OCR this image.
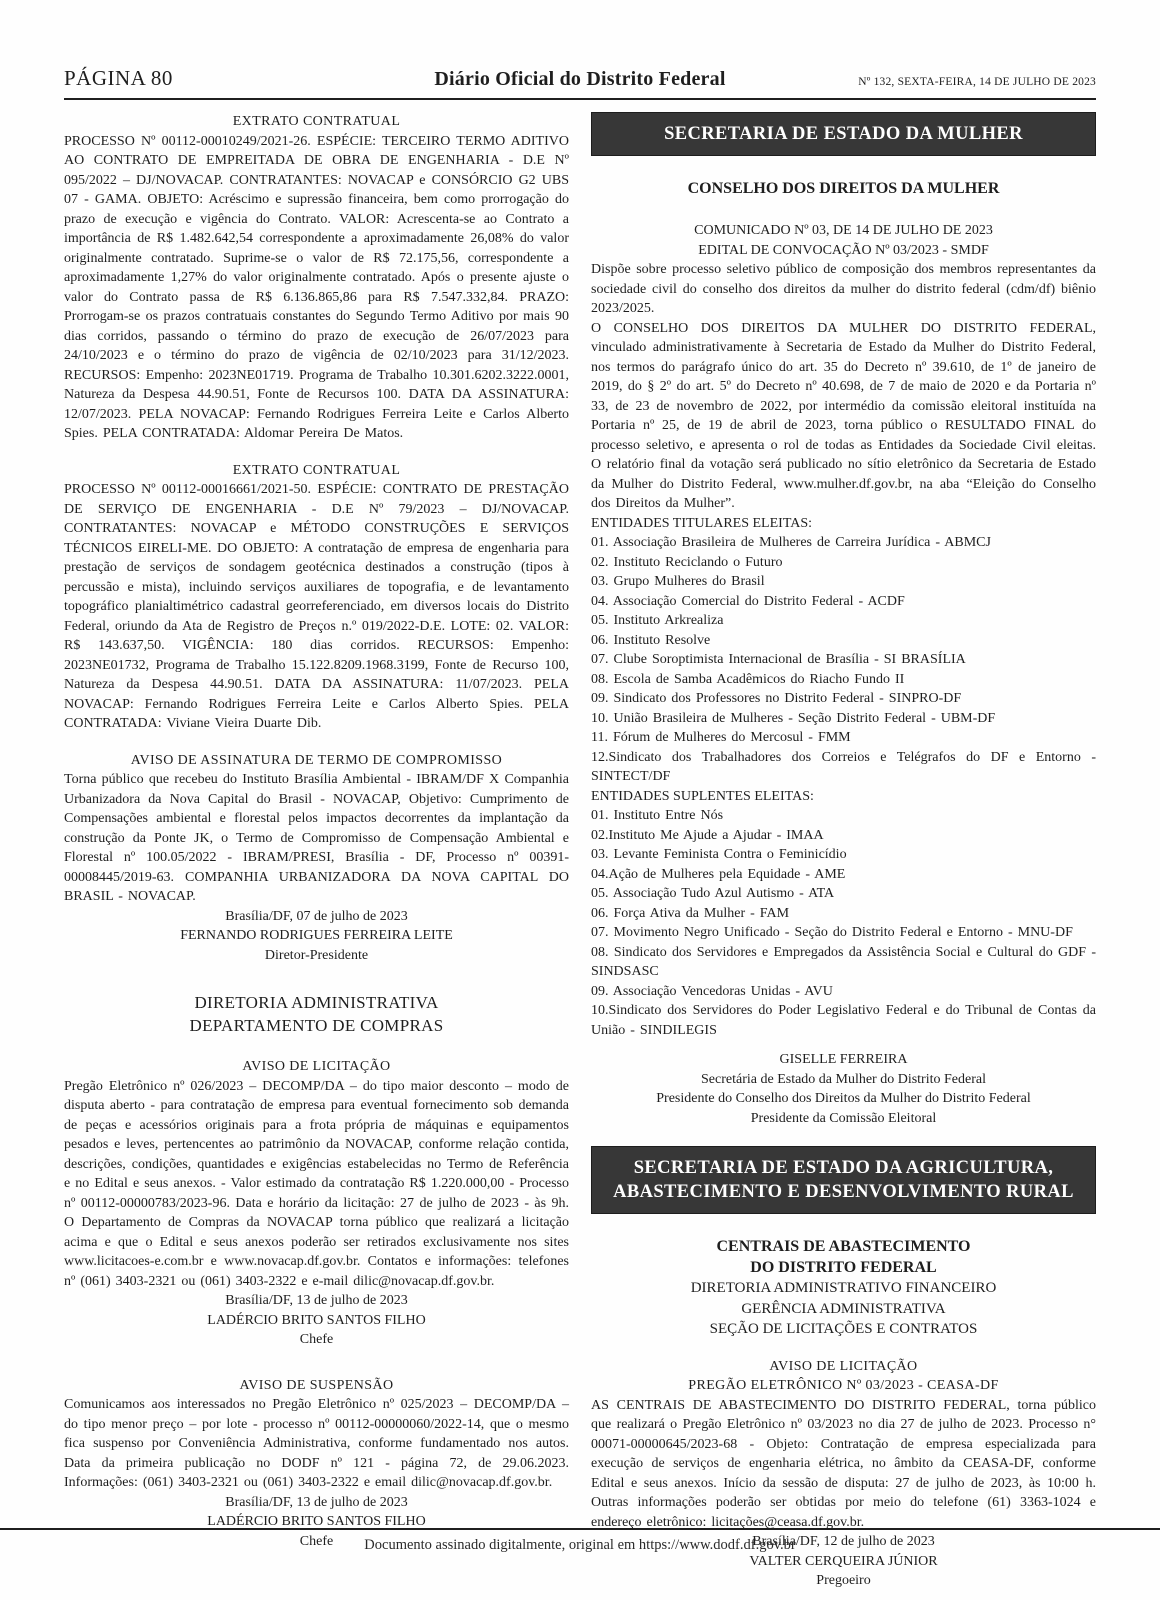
PÁGINA 80	Diário Oficial do Distrito Federal	Nº 132, SEXTA-FEIRA, 14 DE JULHO DE 2023
EXTRATO CONTRATUAL

PROCESSO Nº 00112-00010249/2021-26. ESPÉCIE: TERCEIRO TERMO ADITIVO AO CONTRATO DE EMPREITADA DE OBRA DE ENGENHARIA - D.E Nº 095/2022 – DJ/NOVACAP. CONTRATANTES: NOVACAP e CONSÓRCIO G2 UBS 07 - GAMA. OBJETO: Acréscimo e supressão financeira, bem como prorrogação do prazo de execução e vigência do Contrato. VALOR: Acrescenta-se ao Contrato a importância de R$ 1.482.642,54 correspondente a aproximadamente 26,08% do valor originalmente contratado. Suprime-se o valor de R$ 72.175,56, correspondente a aproximadamente 1,27% do valor originalmente contratado. Após o presente ajuste o valor do Contrato passa de R$ 6.136.865,86 para R$ 7.547.332,84. PRAZO: Prorrogam-se os prazos contratuais constantes do Segundo Termo Aditivo por mais 90 dias corridos, passando o término do prazo de execução de 26/07/2023 para 24/10/2023 e o término do prazo de vigência de 02/10/2023 para 31/12/2023. RECURSOS: Empenho: 2023NE01719. Programa de Trabalho 10.301.6202.3222.0001, Natureza da Despesa 44.90.51, Fonte de Recursos 100. DATA DA ASSINATURA: 12/07/2023. PELA NOVACAP: Fernando Rodrigues Ferreira Leite e Carlos Alberto Spies. PELA CONTRATADA: Aldomar Pereira De Matos.

EXTRATO CONTRATUAL

PROCESSO Nº 00112-00016661/2021-50. ESPÉCIE: CONTRATO DE PRESTAÇÃO DE SERVIÇO DE ENGENHARIA - D.E Nº 79/2023 – DJ/NOVACAP. CONTRATANTES: NOVACAP e MÉTODO CONSTRUÇÕES E SERVIÇOS TÉCNICOS EIRELI-ME. DO OBJETO: A contratação de empresa de engenharia para prestação de serviços de sondagem geotécnica destinados a construção (tipos à percussão e mista), incluindo serviços auxiliares de topografia, e de levantamento topográfico planialtimétrico cadastral georreferenciado, em diversos locais do Distrito Federal, oriundo da Ata de Registro de Preços n.º 019/2022-D.E. LOTE: 02. VALOR: R$ 143.637,50. VIGÊNCIA: 180 dias corridos. RECURSOS: Empenho: 2023NE01732, Programa de Trabalho 15.122.8209.1968.3199, Fonte de Recurso 100, Natureza da Despesa 44.90.51. DATA DA ASSINATURA: 11/07/2023. PELA NOVACAP: Fernando Rodrigues Ferreira Leite e Carlos Alberto Spies. PELA CONTRATADA: Viviane Vieira Duarte Dib.

AVISO DE ASSINATURA DE TERMO DE COMPROMISSO

Torna público que recebeu do Instituto Brasília Ambiental - IBRAM/DF X Companhia Urbanizadora da Nova Capital do Brasil - NOVACAP, Objetivo: Cumprimento de Compensações ambiental e florestal pelos impactos decorrentes da implantação da construção da Ponte JK, o Termo de Compromisso de Compensação Ambiental e Florestal nº 100.05/2022 - IBRAM/PRESI, Brasília - DF, Processo nº 00391-00008445/2019-63. COMPANHIA URBANIZADORA DA NOVA CAPITAL DO BRASIL - NOVACAP.

Brasília/DF, 07 de julho de 2023
FERNANDO RODRIGUES FERREIRA LEITE
Diretor-Presidente
DIRETORIA ADMINISTRATIVA
DEPARTAMENTO DE COMPRAS
AVISO DE LICITAÇÃO

Pregão Eletrônico nº 026/2023 – DECOMP/DA – do tipo maior desconto – modo de disputa aberto - para contratação de empresa para eventual fornecimento sob demanda de peças e acessórios originais para a frota própria de máquinas e equipamentos pesados e leves, pertencentes ao patrimônio da NOVACAP, conforme relação contida, descrições, condições, quantidades e exigências estabelecidas no Termo de Referência e no Edital e seus anexos. - Valor estimado da contratação R$ 1.220.000,00 - Processo nº 00112-00000783/2023-96. Data e horário da licitação: 27 de julho de 2023 - às 9h. O Departamento de Compras da NOVACAP torna público que realizará a licitação acima e que o Edital e seus anexos poderão ser retirados exclusivamente nos sites www.licitacoes-e.com.br e www.novacap.df.gov.br. Contatos e informações: telefones nº (061) 3403-2321 ou (061) 3403-2322 e e-mail dilic@novacap.df.gov.br.

Brasília/DF, 13 de julho de 2023
LADÉRCIO BRITO SANTOS FILHO
Chefe
AVISO DE SUSPENSÃO

Comunicamos aos interessados no Pregão Eletrônico nº 025/2023 – DECOMP/DA – do tipo menor preço – por lote - processo nº 00112-00000060/2022-14, que o mesmo fica suspenso por Conveniência Administrativa, conforme fundamentado nos autos. Data da primeira publicação no DODF nº 121 - página 72, de 29.06.2023. Informações: (061) 3403-2321 ou (061) 3403-2322 e email dilic@novacap.df.gov.br.

Brasília/DF, 13 de julho de 2023
LADÉRCIO BRITO SANTOS FILHO
Chefe
SECRETARIA DE ESTADO DA MULHER
CONSELHO DOS DIREITOS DA MULHER
COMUNICADO Nº 03, DE 14 DE JULHO DE 2023
EDITAL DE CONVOCAÇÃO Nº 03/2023 - SMDF

Dispõe sobre processo seletivo público de composição dos membros representantes da sociedade civil do conselho dos direitos da mulher do distrito federal (cdm/df) biênio 2023/2025.

O CONSELHO DOS DIREITOS DA MULHER DO DISTRITO FEDERAL, vinculado administrativamente à Secretaria de Estado da Mulher do Distrito Federal, nos termos do parágrafo único do art. 35 do Decreto nº 39.610, de 1º de janeiro de 2019, do § 2º do art. 5º do Decreto nº 40.698, de 7 de maio de 2020 e da Portaria nº 33, de 23 de novembro de 2022, por intermédio da comissão eleitoral instituída na Portaria nº 25, de 19 de abril de 2023, torna público o RESULTADO FINAL do processo seletivo, e apresenta o rol de todas as Entidades da Sociedade Civil eleitas. O relatório final da votação será publicado no sítio eletrônico da Secretaria de Estado da Mulher do Distrito Federal, www.mulher.df.gov.br, na aba “Eleição do Conselho dos Direitos da Mulher”.

ENTIDADES TITULARES ELEITAS:
01. Associação Brasileira de Mulheres de Carreira Jurídica - ABMCJ
02. Instituto Reciclando o Futuro
03. Grupo Mulheres do Brasil
04. Associação Comercial do Distrito Federal - ACDF
05. Instituto Arkrealiza
06. Instituto Resolve
07. Clube Soroptimista Internacional de Brasília - SI BRASÍLIA
08. Escola de Samba Acadêmicos do Riacho Fundo II
09. Sindicato dos Professores no Distrito Federal - SINPRO-DF
10. União Brasileira de Mulheres - Seção Distrito Federal - UBM-DF
11. Fórum de Mulheres do Mercosul - FMM
12.Sindicato dos Trabalhadores dos Correios e Telégrafos do DF e Entorno - SINTECT/DF
ENTIDADES SUPLENTES ELEITAS:
01. Instituto Entre Nós
02.Instituto Me Ajude a Ajudar - IMAA
03. Levante Feminista Contra o Feminicídio
04.Ação de Mulheres pela Equidade - AME
05. Associação Tudo Azul Autismo - ATA
06. Força Ativa da Mulher - FAM
07. Movimento Negro Unificado - Seção do Distrito Federal e Entorno - MNU-DF
08. Sindicato dos Servidores e Empregados da Assistência Social e Cultural do GDF - SINDSASC
09. Associação Vencedoras Unidas - AVU
10.Sindicato dos Servidores do Poder Legislativo Federal e do Tribunal de Contas da União - SINDILEGIS
GISELLE FERREIRA
Secretária de Estado da Mulher do Distrito Federal
Presidente do Conselho dos Direitos da Mulher do Distrito Federal
Presidente da Comissão Eleitoral
SECRETARIA DE ESTADO DA AGRICULTURA,
ABASTECIMENTO E DESENVOLVIMENTO RURAL
CENTRAIS DE ABASTECIMENTO
DO DISTRITO FEDERAL
DIRETORIA ADMINISTRATIVO FINANCEIRO
GERÊNCIA ADMINISTRATIVA
SEÇÃO DE LICITAÇÕES E CONTRATOS
AVISO DE LICITAÇÃO
PREGÃO ELETRÔNICO Nº 03/2023 - CEASA-DF

AS CENTRAIS DE ABASTECIMENTO DO DISTRITO FEDERAL, torna público que realizará o Pregão Eletrônico nº 03/2023 no dia 27 de julho de 2023. Processo n° 00071-00000645/2023-68 - Objeto: Contratação de empresa especializada para execução de serviços de engenharia elétrica, no âmbito da CEASA-DF, conforme Edital e seus anexos. Início da sessão de disputa: 27 de julho de 2023, às 10:00 h. Outras informações poderão ser obtidas por meio do telefone (61) 3363-1024 e endereço eletrônico: licitações@ceasa.df.gov.br.

Brasília/DF, 12 de julho de 2023
VALTER CERQUEIRA JÚNIOR
Pregoeiro
Documento assinado digitalmente, original em https://www.dodf.df.gov.br
